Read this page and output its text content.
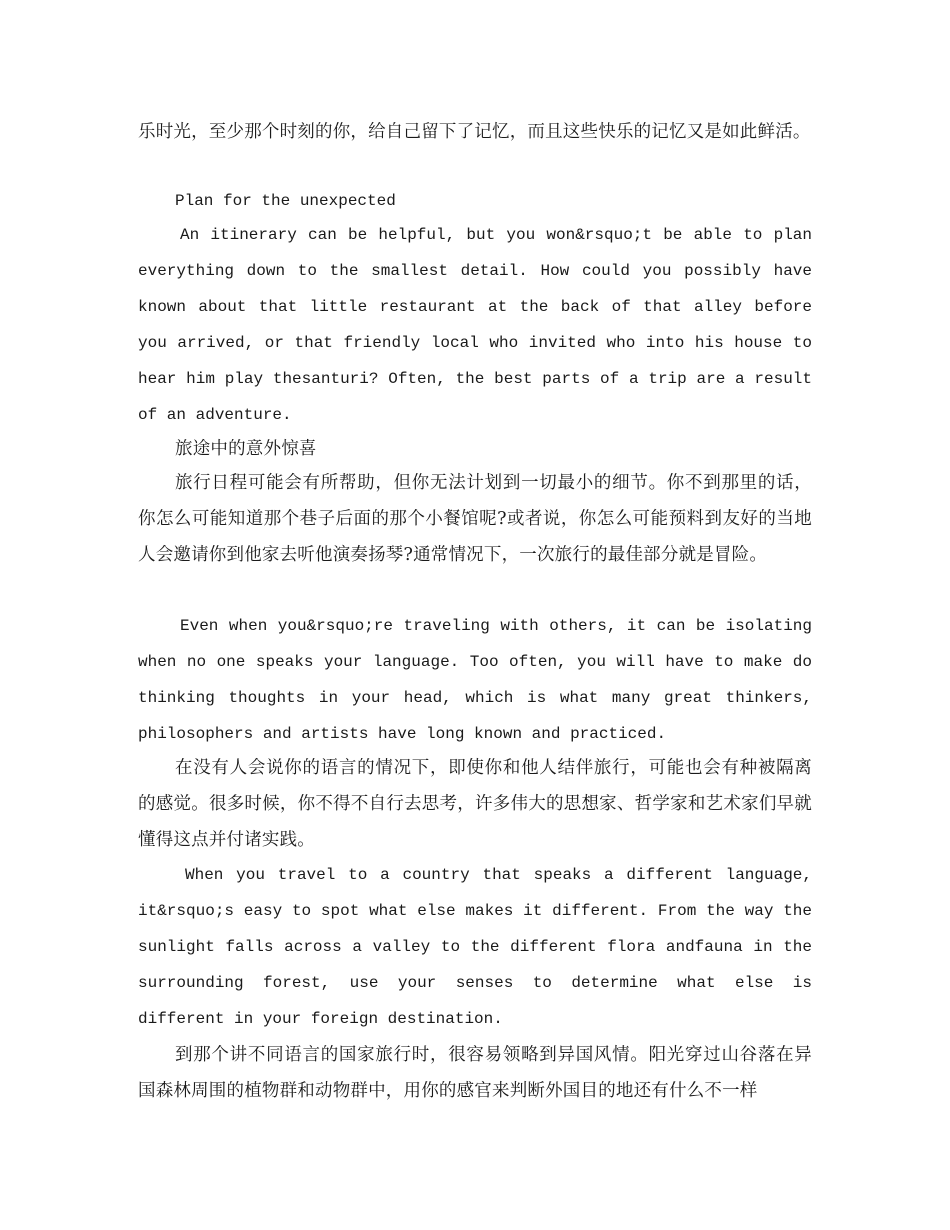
乐时光，至少那个时刻的你，给自己留下了记忆，而且这些快乐的记忆又是如此鲜活。

Plan for the unexpected

An itinerary can be helpful, but you won&rsquo;t be able to plan everything down to the smallest detail. How could you possibly have known about that little restaurant at the back of that alley before you arrived, or that friendly local who invited who into his house to hear him play thesanturi? Often, the best parts of a trip are a result of an adventure.

旅途中的意外惊喜

旅行日程可能会有所帮助，但你无法计划到一切最小的细节。你不到那里的话，你怎么可能知道那个巷子后面的那个小餐馆呢?或者说，你怎么可能预料到友好的当地人会邀请你到他家去听他演奏扬琴?通常情况下，一次旅行的最佳部分就是冒险。

Even when you&rsquo;re traveling with others, it can be isolating when no one speaks your language. Too often, you will have to make do thinking thoughts in your head, which is what many great thinkers, philosophers and artists have long known and practiced.

在没有人会说你的语言的情况下，即使你和他人结伴旅行，可能也会有种被隔离的感觉。很多时候，你不得不自行去思考，许多伟大的思想家、哲学家和艺术家们早就懂得这点并付诸实践。

When you travel to a country that speaks a different language, it&rsquo;s easy to spot what else makes it different. From the way the sunlight falls across a valley to the different flora andfauna in the surrounding forest, use your senses to determine what else is different in your foreign destination.

到那个讲不同语言的国家旅行时，很容易领略到异国风情。阳光穿过山谷落在异国森林周围的植物群和动物群中，用你的感官来判断外国目的地还有什么不一样
